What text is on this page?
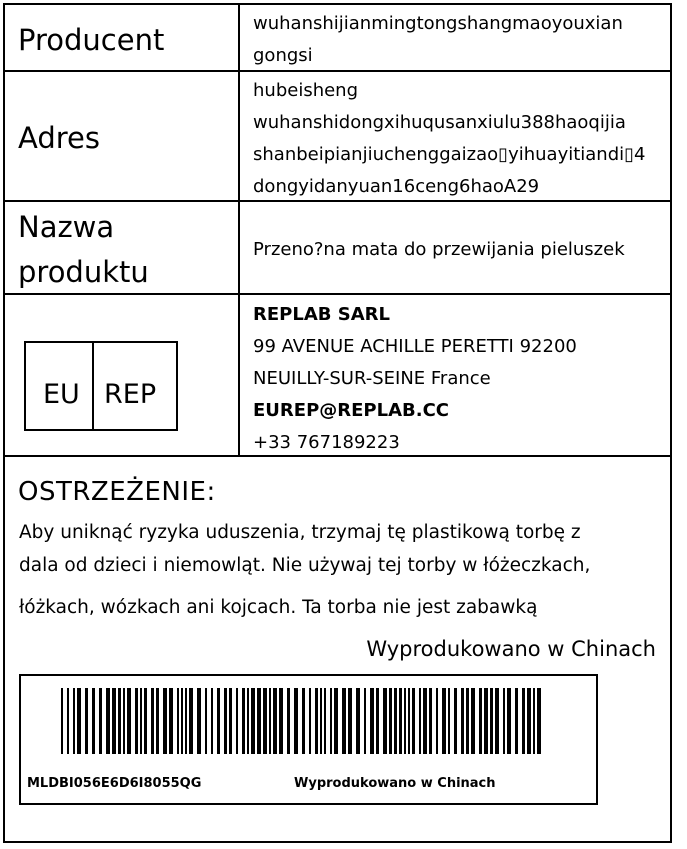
Producent	wuhanshijianmingtongshangmaoyouxian
gongsi
Adres
hubeisheng
wuhanshidongxihuqusanxiulu388haoqijia
shanbeipianjiuchenggaizao▯yihuayitiandi▯4
dongyidanyuan16ceng6haoA29
Nazwa
produktu
Przeno?na mata do przewijania pieluszek
EU REP
REPLAB SARL
99 AVENUE ACHILLE PERETTI 92200
NEUILLY-SUR-SEINE France
EUREP@REPLAB.CC
+33 767189223
OSTRZEŻENIE:
Aby uniknąć ryzyka uduszenia, trzymaj tę plastikową torbę z
dala od dzieci i niemowląt. Nie używaj tej torby w łóżeczkach,
łóżkach, wózkach ani kojcach. Ta torba nie jest zabawką
Wyprodukowano w Chinach
MLDBI056E6D6I8055QG	Wyprodukowano w Chinach
